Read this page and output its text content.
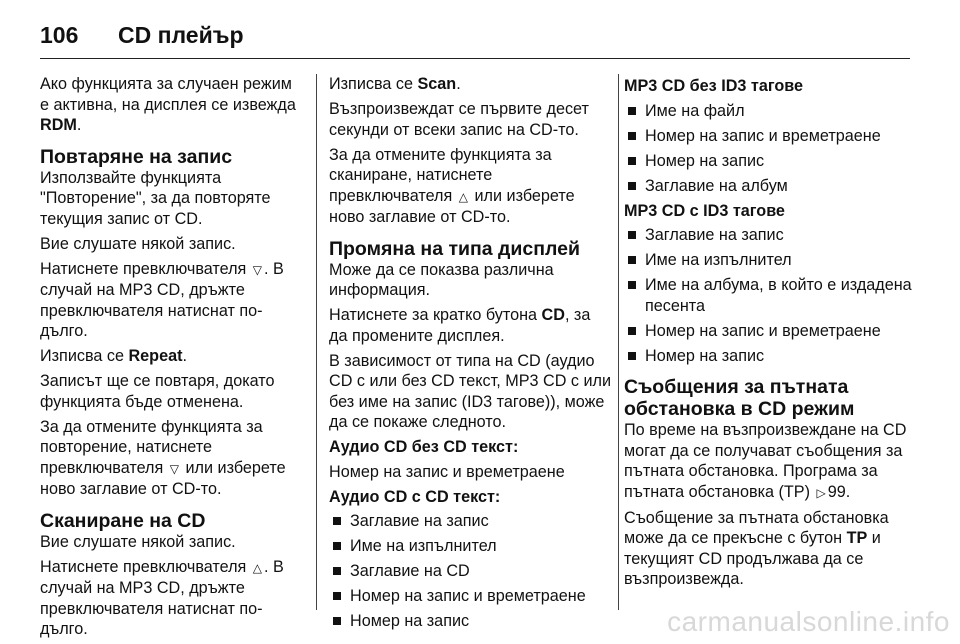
106	CD плейър

Ако функцията за случаен режим е активна, на дисплея се извежда RDM.

Повтаряне на запис

Използвайте функцията "Повторение", за да повторяте текущия запис от CD.

Вие слушате някой запис.

Натиснете превключвателя ▽ . В случай на MP3 CD, дръжте превключвателя натиснат по-дълго.

Изписва се Repeat.

Записът ще се повтаря, докато функцията бъде отменена.

За да отмените функцията за повторение, натиснете превключвателя ▽ или изберете ново заглавие от CD-то.

Сканиране на CD

Вие слушате някой запис.

Натиснете превключвателя △ . В случай на MP3 CD, дръжте превключвателя натиснат по-дълго.

Изписва се Scan.

Възпроизвеждат се първите десет секунди от всеки запис на CD-то.

За да отмените функцията за сканиране, натиснете превключвателя △ или изберете ново заглавие от CD-то.

Промяна на типа дисплей

Може да се показва различна информация.

Натиснете за кратко бутона CD, за да промените дисплея.

В зависимост от типа на CD (аудио CD с или без CD текст, MP3 CD с или без име на запис (ID3 тагове)), може да се покаже следното.

Аудио CD без CD текст:

Номер на запис и времетраене

Аудио CD с CD текст:
Заглавие на запис
Име на изпълнител
Заглавие на CD
Номер на запис и времетраене
Номер на запис
MP3 CD без ID3 тагове
Име на файл
Номер на запис и времетраене
Номер на запис
Заглавие на албум
MP3 CD с ID3 тагове
Заглавие на запис
Име на изпълнител
Име на албума, в който е издадена песента
Номер на запис и времетраене
Номер на запис
Съобщения за пътната обстановка в CD режим

По време на възпроизвеждане на CD могат да се получават съобщения за пътната обстановка. Програма за пътната обстановка (TP) ▷ 99.

Съобщение за пътната обстановка може да се прекъсне с бутон TP и текущият CD продължава да се възпроизвежда.

carmanualsonline.info
